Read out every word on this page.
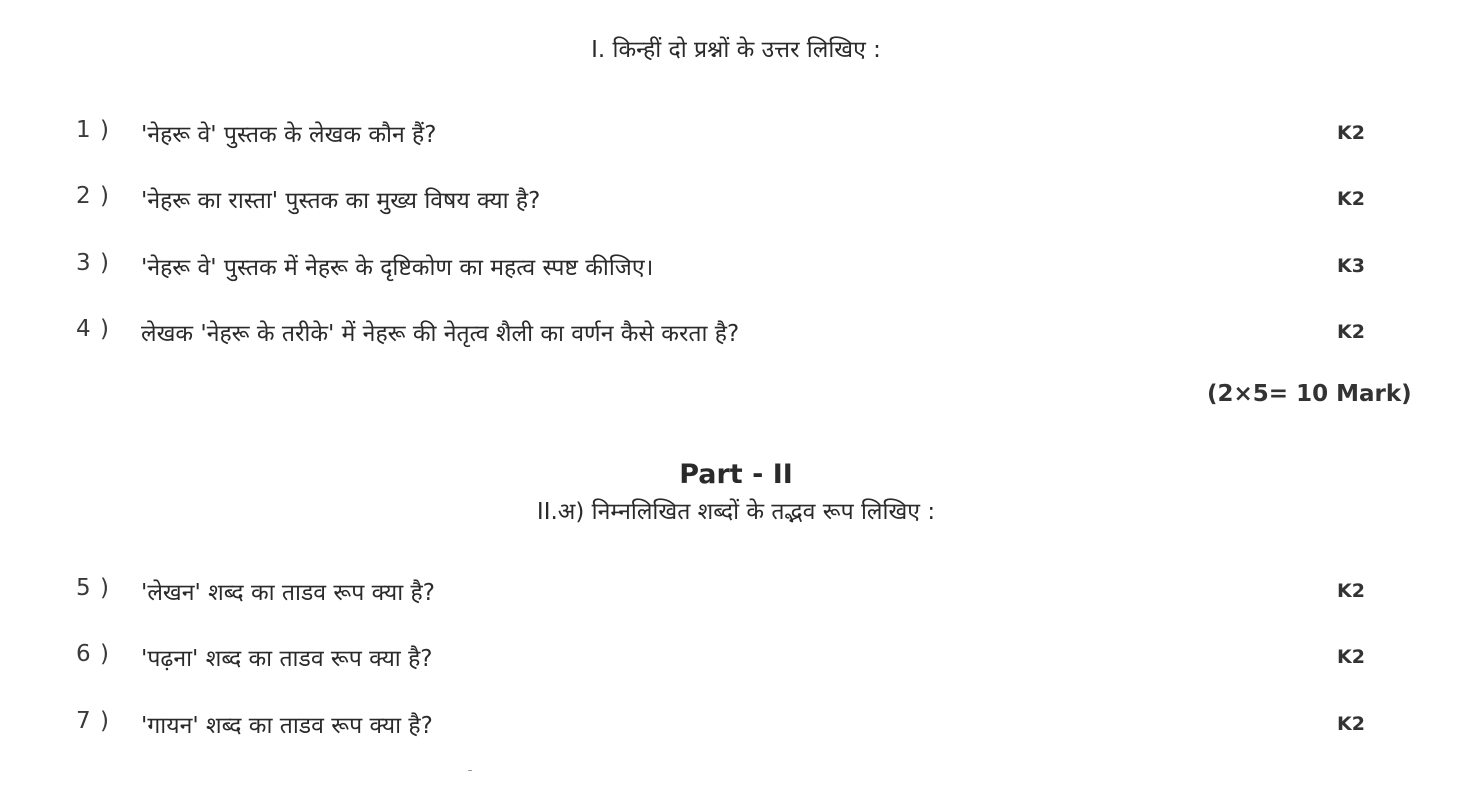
I. किन्हीं दो प्रश्नों के उत्तर लिखिए :
1 ) 'नेहरू वे' पुस्तक के लेखक कौन हैं?	K2
2 ) 'नेहरू का रास्ता' पुस्तक का मुख्य विषय क्या है?	K2
3 ) 'नेहरू वे' पुस्तक में नेहरू के दृष्टिकोण का महत्व स्पष्ट कीजिए।	K3
4 ) लेखक 'नेहरू के तरीके' में नेहरू की नेतृत्व शैली का वर्णन कैसे करता है?	K2
(2×5= 10 Mark)
Part - II
II.अ) निम्नलिखित शब्दों के तद्भव रूप लिखिए :
5 ) 'लेखन' शब्द का ताडव रूप क्या है?	K2
6 ) 'पढ़ना' शब्द का ताडव रूप क्या है?	K2
7 ) 'गायन' शब्द का ताडव रूप क्या है?	K2
